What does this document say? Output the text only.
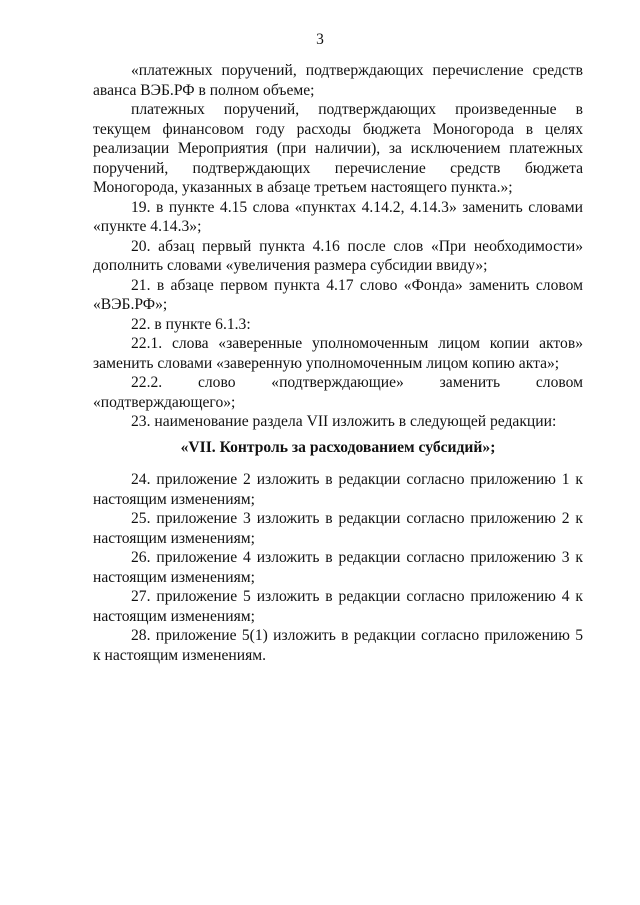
3

«платежных поручений, подтверждающих перечисление средств аванса ВЭБ.РФ в полном объеме;

платежных поручений, подтверждающих произведенные в текущем финансовом году расходы бюджета Моногорода в целях реализации Мероприятия (при наличии), за исключением платежных поручений, подтверждающих перечисление средств бюджета Моногорода, указанных в абзаце третьем настоящего пункта.»;

19. в пункте 4.15 слова «пунктах 4.14.2, 4.14.3» заменить словами «пункте 4.14.3»;

20. абзац первый пункта 4.16 после слов «При необходимости» дополнить словами «увеличения размера субсидии ввиду»;

21. в абзаце первом пункта 4.17 слово «Фонда» заменить словом «ВЭБ.РФ»;

22. в пункте 6.1.3:

22.1. слова «заверенные уполномоченным лицом копии актов» заменить словами «заверенную уполномоченным лицом копию акта»;

22.2. слово «подтверждающие» заменить словом «подтверждающего»;

23. наименование раздела VII изложить в следующей редакции:

«VII. Контроль за расходованием субсидий»;

24. приложение 2 изложить в редакции согласно приложению 1 к настоящим изменениям;

25. приложение 3 изложить в редакции согласно приложению 2 к настоящим изменениям;

26. приложение 4 изложить в редакции согласно приложению 3 к настоящим изменениям;

27. приложение 5 изложить в редакции согласно приложению 4 к настоящим изменениям;

28. приложение 5(1) изложить в редакции согласно приложению 5 к настоящим изменениям.
